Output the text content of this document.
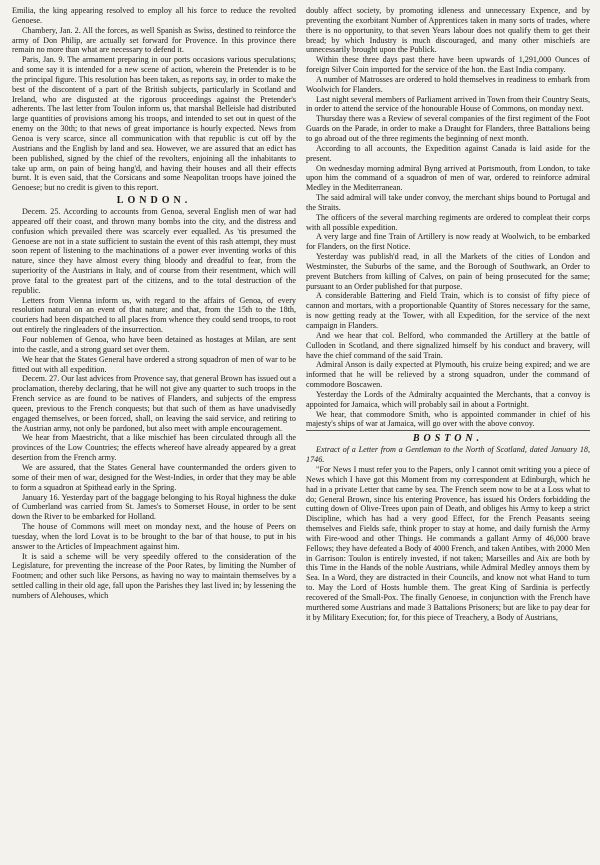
Emilia, the king appearing resolved to employ all his force to reduce the revolted Genoese.

Chambery, Jan. 2. All the forces, as well Spanish as Swiss, destined to reinforce the army of Don Philip, are actually set forward for Provence. In this province there remain no more than what are necessary to defend it.

Paris, Jan. 9. The armament preparing in our ports occasions various speculations; and some say it is intended for a new scene of action, wherein the Pretender is to be the principal figure. This resolution has been taken, as reports say, in order to make the best of the discontent of a part of the British subjects, particularly in Scotland and Ireland, who are disgusted at the rigorous proceedings against the Pretender's adherents. The last letter from Toulon inform us, that marshal Belleisle had distributed large quantities of provisions among his troops, and intended to set out in quest of the enemy on the 30th; to that news of great importance is hourly expected. News from Genoa is very scarce, since all communication with that republic is cut off by the Austrians and the English by land and sea. However, we are assured that an edict has been published, signed by the chief of the revolters, enjoining all the inhabitants to take up arm, on pain of being hang'd, and having their houses and all their effects burnt. It is even said, that the Corsicans and some Neapolitan troops have joined the Genoese; but no credit is given to this report.

LONDON.

Decem. 25. According to accounts from Genoa, several English men of war had appeared off their coast, and thrown many bombs into the city, and the distress and confusion which prevailed there was scarcely ever equalled. As 'tis presumed the Genoese are not in a state sufficient to sustain the event of this rash attempt, they must soon repent of listening to the machinations of a power ever inventing works of this nature, since they have almost every thing bloody and dreadful to fear, from the superiority of the Austrians in Italy, and of course from their resentment, which will prove fatal to the greatest part of the citizens, and to the total destruction of the republic.

Letters from Vienna inform us, with regard to the affairs of Genoa, of every resolution natural on an event of that nature; and that, from the 15th to the 18th, couriers had been dispatched to all places from whence they could send troops, to root out entirely the ringleaders of the insurrection.

Four noblemen of Genoa, who have been detained as hostages at Milan, are sent into the castle, and a strong guard set over them.

We hear that the States General have ordered a strong squadron of men of war to be fitted out with all expedition.

Decem. 27. Our last advices from Provence say, that general Brown has issued out a proclamation, thereby declaring, that he will not give any quarter to such troops in the French service as are found to be natives of Flanders, and subjects of the empress queen, previous to the French conquests; but that such of them as have unadvisedly engaged themselves, or been forced, shall, on leaving the said service, and retiring to the Austrian army, not only be pardoned, but also meet with ample encouragement.

We hear from Maestricht, that a like mischief has been circulated through all the provinces of the Low Countries; the effects whereof have already appeared by a great desertion from the French army.

We are assured, that the States General have countermanded the orders given to some of their men of war, designed for the West-Indies, in order that they may be able to form a squadron at Spithead early in the Spring.

January 16. Yesterday part of the baggage belonging to his Royal highness the duke of Cumberland was carried from St. James's to Somerset House, in order to be sent down the River to be embarked for Holland.

The house of Commons will meet on monday next, and the house of Peers on tuesday, when the lord Lovat is to be brought to the bar of that house, to put in his answer to the Articles of Impeachment against him.

It is said a scheme will be very speedily offered to the consideration of the Legislature, for preventing the increase of the Poor Rates, by limiting the Number of Footmen; and other such like Persons, as having no way to maintain themselves by a settled calling in their old age, fall upon the Parishes they last lived in; by lessening the numbers of Alehouses, which

doubly affect society, by promoting idleness and unnecessary Expence, and by preventing the exorbitant Number of Apprentices taken in many sorts of trades, where there is no opportunity, to that seven Years labour does not qualify them to get their bread; by which Industry is much discouraged, and many other mischiefs are unnecessarily brought upon the Publick.

Within these three days past there have been upwards of 1,291,000 Ounces of foreign Silver Coin imported for the service of the hon. the East India company.

A number of Matrosses are ordered to hold themselves in readiness to embark from Woolwich for Flanders.

Last night several members of Parliament arrived in Town from their Country Seats, in order to attend the service of the honourable House of Commons, on monday next.

Thursday there was a Review of several companies of the first regiment of the Foot Guards on the Parade, in order to make a Draught for Flanders, three Battalions being to go abroad out of the three regiments the beginning of next month.

According to all accounts, the Expedition against Canada is laid aside for the present.

On wednesday morning admiral Byng arrived at Portsmouth, from London, to take upon him the command of a squadron of men of war, ordered to reinforce admiral Medley in the Mediterranean.

The said admiral will take under convoy, the merchant ships bound to Portugal and the Straits.

The officers of the several marching regiments are ordered to compleat their corps with all possible expedition.

A very large and fine Train of Artillery is now ready at Woolwich, to be embarked for Flanders, on the first Notice.

Yesterday was publish'd read, in all the Markets of the cities of London and Westminster, the Suburbs of the same, and the Borough of Southwark, an Order to prevent Butchers from killing of Calves, on pain of being prosecuted for the same; pursuant to an Order published for that purpose.

A considerable Battering and Field Train, which is to consist of fifty piece of cannon and mortars, with a proportionable Quantity of Stores necessary for the same, is now getting ready at the Tower, with all Expedition, for the service of the next campaign in Flanders.

And we hear that col. Belford, who commanded the Artillery at the battle of Culloden in Scotland, and there signalized himself by his conduct and bravery, will have the chief command of the said Train.

Admiral Anson is daily expected at Plymouth, his cruize being expired; and we are informed that he will be relieved by a strong squadron, under the command of commodore Boscawen.

Yesterday the Lords of the Admiralty acquainted the Merchants, that a convoy is appointed for Jamaica, which will probably sail in about a Fortnight.

We hear, that commodore Smith, who is appointed commander in chief of his majesty's ships of war at Jamaica, will go over with the above convoy.

BOSTON.

Extract of a Letter from a Gentleman to the North of Scotland, dated January 18, 1746.

"For News I must refer you to the Papers, only I cannot omit writing you a piece of News which I have got this Moment from my correspondent at Edinburgh, which he had in a private Letter that came by sea. The French seem now to be at a Loss what to do; General Brown, since his entering Provence, has issued his Orders forbidding the cutting down of Olive-Trees upon pain of Death, and obliges his Army to keep a strict Discipline, which has had a very good Effect, for the French Peasants seeing themselves and Fields safe, think proper to stay at home, and daily furnish the Army with Fire-wood and other Things. He commands a gallant Army of 46,000 brave Fellows; they have defeated a Body of 4000 French, and taken Antibes, with 2000 Men in Garrison: Toulon is entirely invested, if not taken; Marseilles and Aix are both by this Time in the Hands of the noble Austrians, while Admiral Medley annoys them by Sea. In a Word, they are distracted in their Councils, and know not what Hand to turn to. May the Lord of Hosts humble them. The great King of Sardinia is perfectly recovered of the Small-Pox. The finally Genoese, in conjunction with the French have murthered some Austrians and made 3 Battalions Prisoners; but are like to pay dear for it by Military Execution; for, for this piece of Treachery, a Body of Austrians,
